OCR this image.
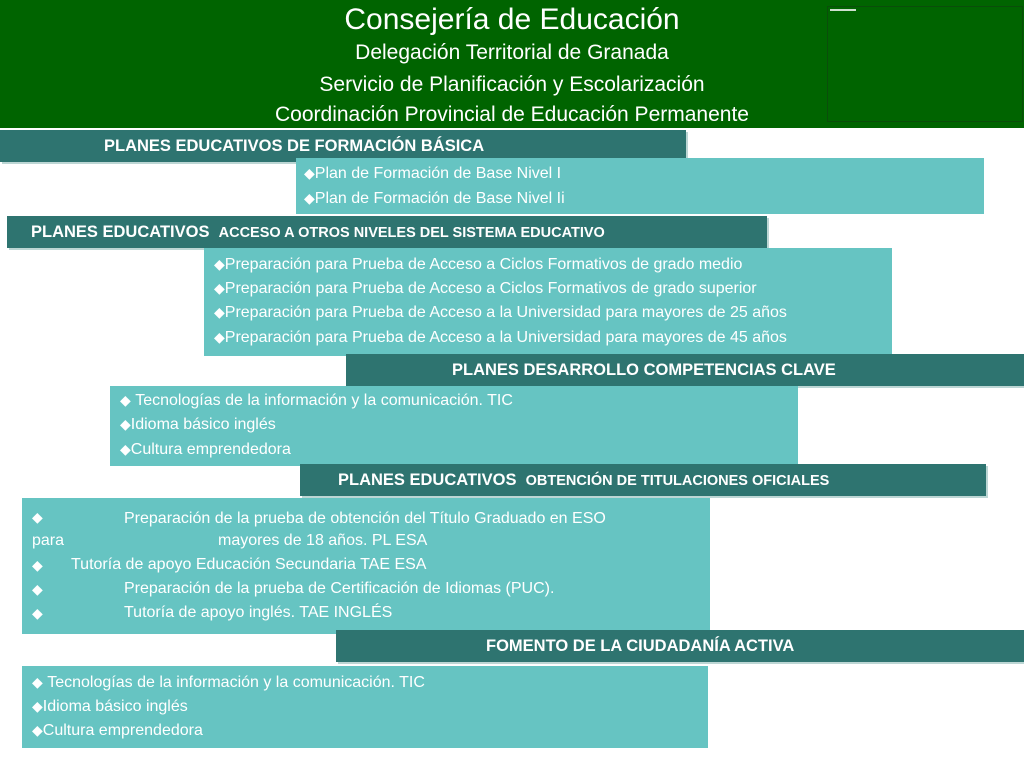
Consejería de Educación
Delegación Territorial de Granada
Servicio de Planificación y Escolarización
Coordinación Provincial de Educación Permanente
PLANES EDUCATIVOS DE FORMACIÓN BÁSICA
◆Plan de Formación de Base Nivel I
◆Plan de Formación de Base Nivel Ii
PLANES EDUCATIVOS ACCESO A OTROS NIVELES DEL SISTEMA EDUCATIVO
◆Preparación para Prueba de Acceso a Ciclos Formativos de grado medio
◆Preparación para Prueba de Acceso a Ciclos Formativos de grado superior
◆Preparación para Prueba de Acceso a la Universidad para mayores de 25 años
◆Preparación para Prueba de Acceso a la Universidad para mayores de 45 años
PLANES DESARROLLO COMPETENCIAS CLAVE
◆ Tecnologías de la información y la comunicación. TIC
◆Idioma básico inglés
◆Cultura emprendedora
PLANES EDUCATIVOS OBTENCIÓN DE TITULACIONES OFICIALES
◆	Preparación de la prueba de obtención del Título Graduado en ESO
para	mayores de 18 años. PL ESA
◆ Tutoría de apoyo Educación Secundaria TAE ESA
◆	Preparación de la prueba de Certificación de Idiomas (PUC).
◆	Tutoría de apoyo inglés. TAE INGLÉS
FOMENTO DE LA CIUDADANÍA ACTIVA
◆ Tecnologías de la información y la comunicación. TIC
◆Idioma básico inglés
◆Cultura emprendedora
